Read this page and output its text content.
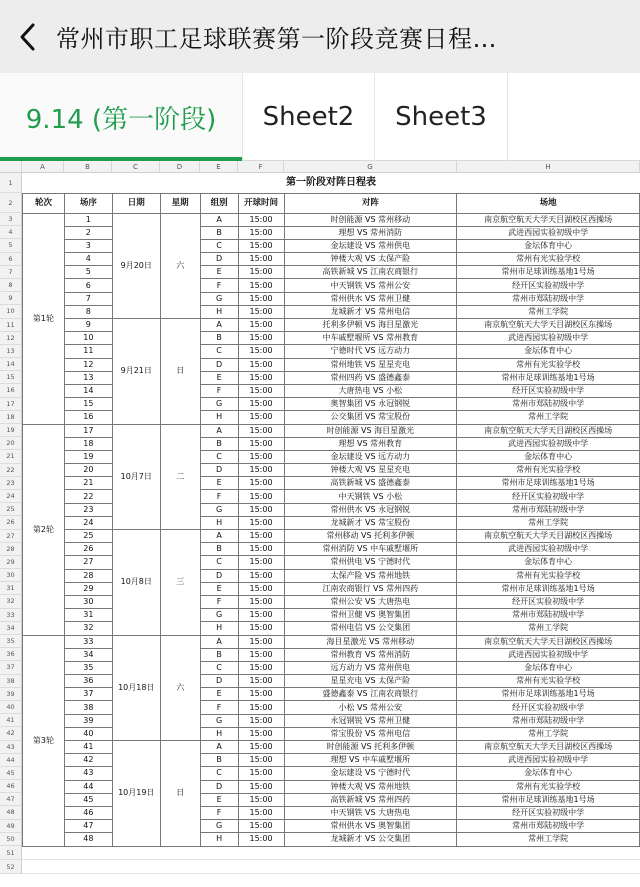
常州市职工足球联赛第一阶段竞赛日程…
9.14 (第一阶段)	Sheet2	Sheet3
A	B	C	D	E	F	G	H
1
2
3
4
5
6
7
8
9
10
11
12
13
14
15
16
17
18
19
20
21
22
23
24
25
26
27
28
29
30
31
32
33
34
35
36
37
38
39
40
41
42
43
44
45
46
47
48
49
50
51
52
第一阶段对阵日程表							
轮次	场序	日期	星期	组别	开球时间	对阵	场地
第1轮	1	9月20日	六	A	15:00	时创能源 VS 常州移动	南京航空航天大学天目湖校区西操场
	2			B	15:00	理想 VS 常州消防	武进西园实验初级中学
	3			C	15:00	金坛建设 VS 常州供电	金坛体育中心
	4			D	15:00	钟楼大观 VS 太保产险	常州有光实验学校
	5			E	15:00	高铁新城 VS 江南农商银行	常州市足球训练基地1号场
	6			F	15:00	中天钢铁 VS 常州公安	经开区实验初级中学
	7			G	15:00	常州供水 VS 常州卫健	常州市郑陆初级中学
	8			H	15:00	龙城新才 VS 常州电信	常州工学院
	9	9月21日	日	A	15:00	托利多伊顿 VS 海目星激光	南京航空航天大学天目湖校区东操场
	10			B	15:00	中车戚墅堰所 VS 常州教育	武进西园实验初级中学
	11			C	15:00	宁德时代 VS 远方动力	金坛体育中心
	12			D	15:00	常州地铁 VS 星星充电	常州有光实验学校
	13			E	15:00	常州四药 VS 盛德鑫泰	常州市足球训练基地1号场
	14			F	15:00	大唐热电 VS 小松	经开区实验初级中学
	15			G	15:00	奥智集团 VS 永冠钢锐	常州市郑陆初级中学
	16			H	15:00	公交集团 VS 常宝股份	常州工学院
第2轮	17	10月7日	二	A	15:00	时创能源 VS 海目星激光	南京航空航天大学天目湖校区西操场
	18			B	15:00	理想 VS 常州教育	武进西园实验初级中学
	19			C	15:00	金坛建设 VS 远方动力	金坛体育中心
	20			D	15:00	钟楼大观 VS 星星充电	常州有光实验学校
	21			E	15:00	高铁新城 VS 盛德鑫泰	常州市足球训练基地1号场
	22			F	15:00	中天钢铁 VS 小松	经开区实验初级中学
	23			G	15:00	常州供水 VS 永冠钢锐	常州市郑陆初级中学
	24			H	15:00	龙城新才 VS 常宝股份	常州工学院
	25	10月8日	三	A	15:00	常州移动 VS 托利多伊顿	南京航空航天大学天目湖校区西操场
	26			B	15:00	常州消防 VS 中车戚墅堰所	武进西园实验初级中学
	27			C	15:00	常州供电 VS 宁德时代	金坛体育中心
	28			D	15:00	太保产险 VS 常州地铁	常州有光实验学校
	29			E	15:00	江南农商银行 VS 常州四药	常州市足球训练基地1号场
	30			F	15:00	常州公安 VS 大唐热电	经开区实验初级中学
	31			G	15:00	常州卫健 VS 奥智集团	常州市郑陆初级中学
	32			H	15:00	常州电信 VS 公交集团	常州工学院
第3轮	33	10月18日	六	A	15:00	海目星激光 VS 常州移动	南京航空航天大学天目湖校区西操场
	34			B	15:00	常州教育 VS 常州消防	武进西园实验初级中学
	35			C	15:00	远方动力 VS 常州供电	金坛体育中心
	36			D	15:00	星星充电 VS 太保产险	常州有光实验学校
	37			E	15:00	盛德鑫泰 VS 江南农商银行	常州市足球训练基地1号场
	38			F	15:00	小松 VS 常州公安	经开区实验初级中学
	39			G	15:00	永冠钢锐 VS 常州卫健	常州市郑陆初级中学
	40			H	15:00	常宝股份 VS 常州电信	常州工学院
	41	10月19日	日	A	15:00	时创能源 VS 托利多伊顿	南京航空航天大学天目湖校区西操场
	42			B	15:00	理想 VS 中车戚墅堰所	武进西园实验初级中学
	43			C	15:00	金坛建设 VS 宁德时代	金坛体育中心
	44			D	15:00	钟楼大观 VS 常州地铁	常州有光实验学校
	45			E	15:00	高铁新城 VS 常州四药	常州市足球训练基地1号场
	46			F	15:00	中天钢铁 VS 大唐热电	经开区实验初级中学
	47			G	15:00	常州供水 VS 奥智集团	常州市郑陆初级中学
	48			H	15:00	龙城新才 VS 公交集团	常州工学院
